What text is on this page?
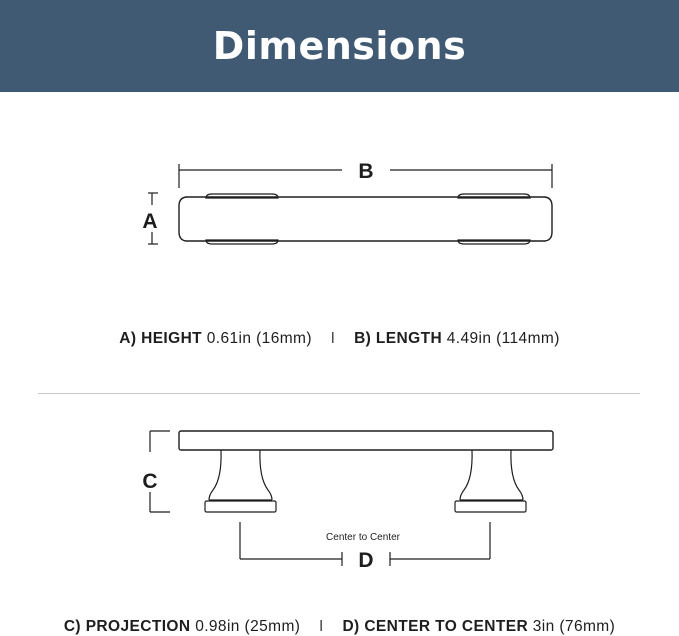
Dimensions
B
A
C
D
Center to Center
A) HEIGHT 0.61in (16mm) I B) LENGTH 4.49in (114mm)
C) PROJECTION 0.98in (25mm) I D) CENTER TO CENTER 3in (76mm)
